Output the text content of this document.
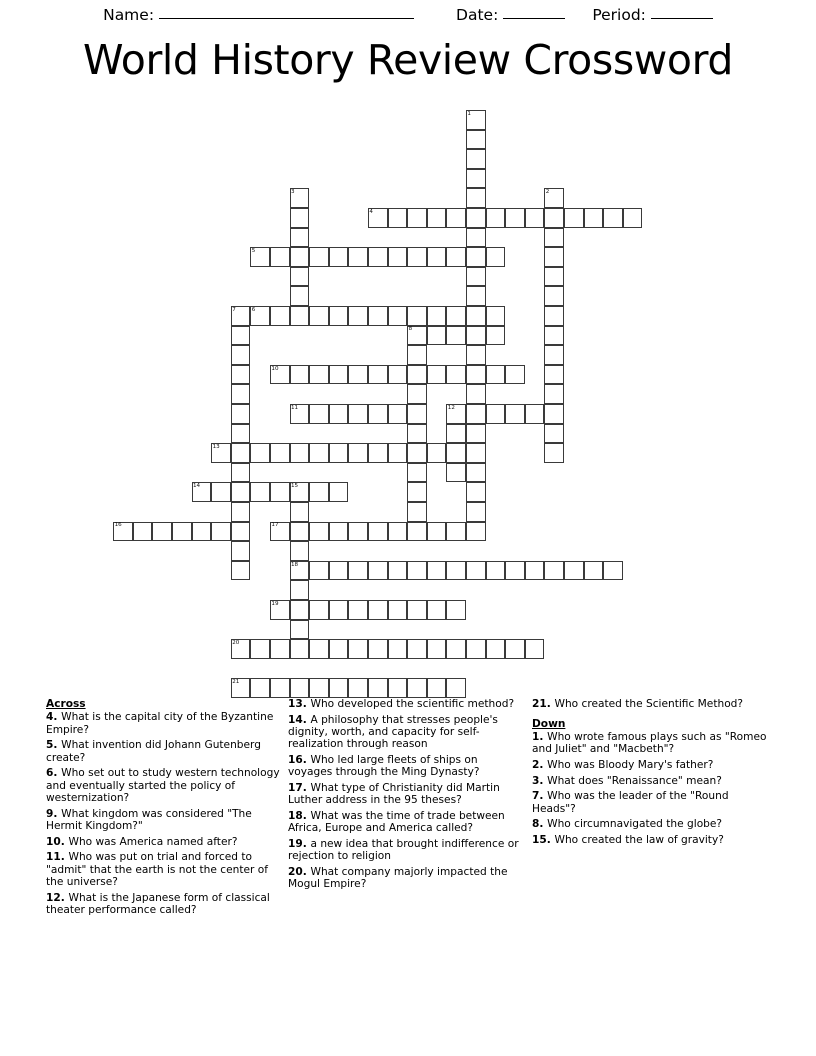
Name:	Date:	Period:
World History Review Crossword
1
2
3
4
5
6
7
8
10
11	12
13
14	15
16	17
18
19
20
21
Across
4. What is the capital city of the Byzantine Empire?
5. What invention did Johann Gutenberg create?
6. Who set out to study western technology and eventually started the policy of westernization?
9. What kingdom was considered "The Hermit Kingdom?"
10. Who was America named after?
11. Who was put on trial and forced to "admit" that the earth is not the center of the universe?
12. What is the Japanese form of classical theater performance called?
13. Who developed the scientific method?
14. A philosophy that stresses people's dignity, worth, and capacity for self-realization through reason
16. Who led large fleets of ships on voyages through the Ming Dynasty?
17. What type of Christianity did Martin Luther address in the 95 theses?
18. What was the time of trade between Africa, Europe and America called?
19. a new idea that brought indifference or rejection to religion
20. What company majorly impacted the Mogul Empire?
21. Who created the Scientific Method?
Down
1. Who wrote famous plays such as "Romeo and Juliet" and "Macbeth"?
2. Who was Bloody Mary's father?
3. What does "Renaissance" mean?
7. Who was the leader of the "Round Heads"?
8. Who circumnavigated the globe?
15. Who created the law of gravity?
